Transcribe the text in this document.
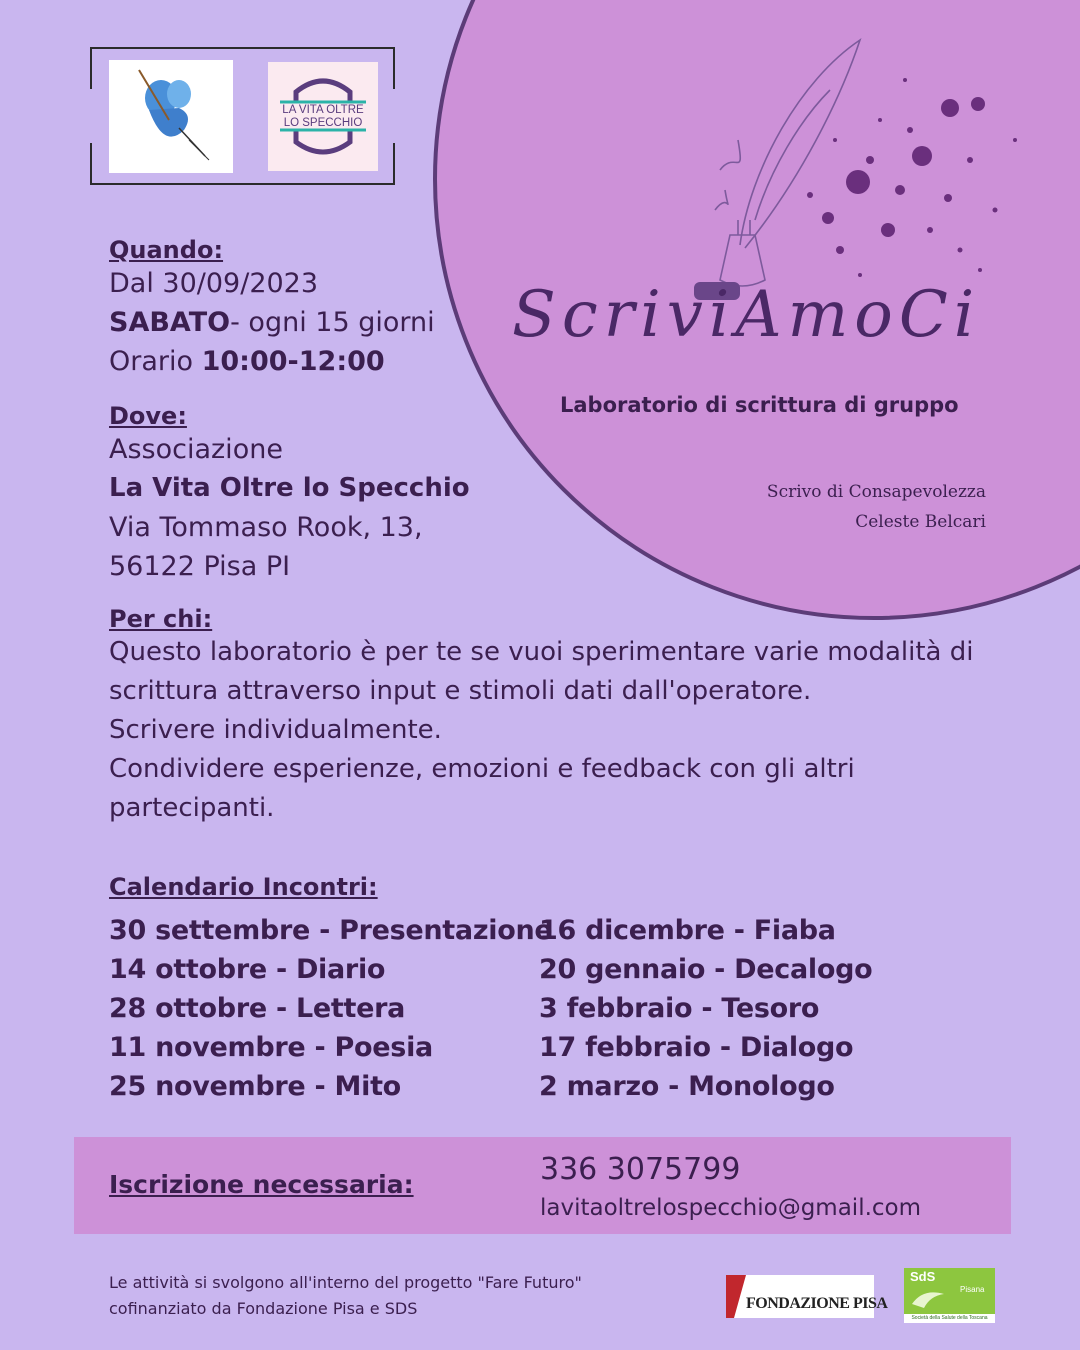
LA VITA OLTRE
LO SPECCHIO
ScriviAmoCi
Laboratorio di scrittura di gruppo
Scrivo di Consapevolezza
Celeste Belcari
Quando:
Dal 30/09/2023
SABATO- ogni 15 giorni
Orario 10:00-12:00
Dove:
Associazione
La Vita Oltre lo Specchio
Via Tommaso Rook, 13,
56122 Pisa PI
Per chi:
Questo laboratorio è per te se vuoi sperimentare varie modalità di
scrittura attraverso input e stimoli dati dall'operatore.
Scrivere individualmente.
Condividere esperienze, emozioni e feedback con gli altri
partecipanti.
Calendario Incontri:
30 settembre - Presentazione
14 ottobre - Diario
28 ottobre - Lettera
11 novembre - Poesia
25 novembre - Mito
16 dicembre - Fiaba
20 gennaio - Decalogo
3 febbraio - Tesoro
17 febbraio - Dialogo
2 marzo - Monologo
Iscrizione necessaria:	336 3075799
lavitaoltrelospecchio@gmail.com
Le attività si svolgono all'interno del progetto "Fare Futuro"
cofinanziato da Fondazione Pisa e SDS	FONDAZIONE PISA
SdS
Pisana
Società della Salute della Toscana
